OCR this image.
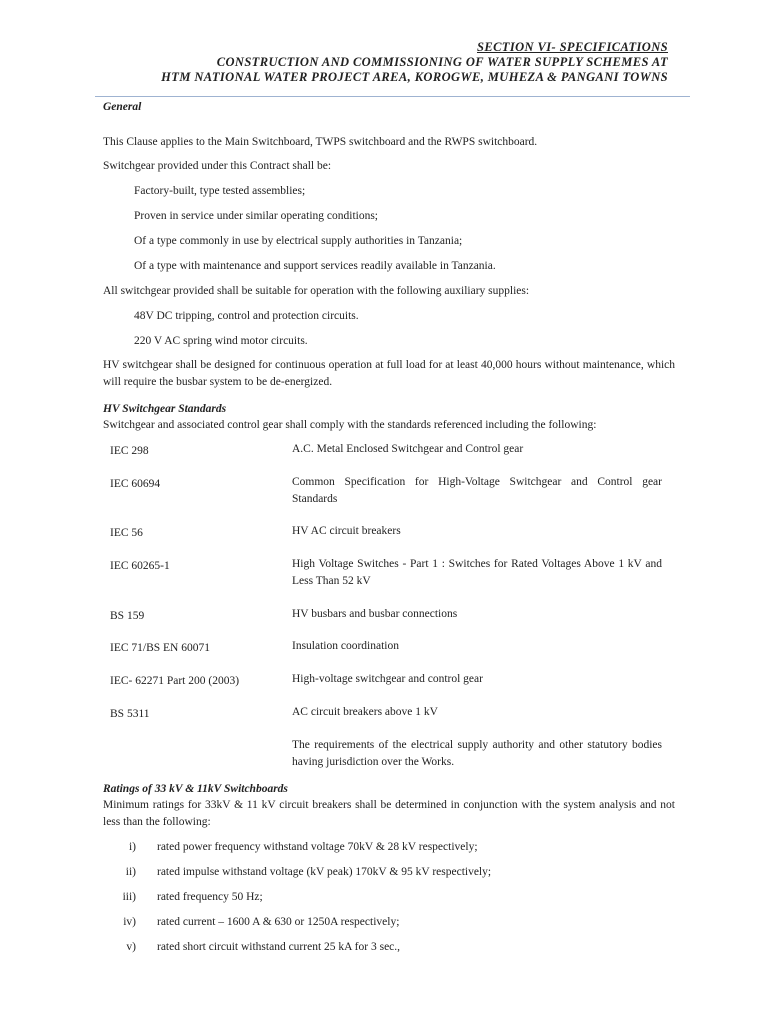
SECTION VI- SPECIFICATIONS
CONSTRUCTION AND COMMISSIONING OF WATER SUPPLY SCHEMES AT
HTM NATIONAL WATER PROJECT AREA, KOROGWE, MUHEZA & PANGANI TOWNS
General
This Clause applies to the Main Switchboard, TWPS switchboard and the RWPS switchboard.
Switchgear provided under this Contract shall be:
Factory-built, type tested assemblies;
Proven in service under similar operating conditions;
Of a type commonly in use by electrical supply authorities in Tanzania;
Of a type with maintenance and support services readily available in Tanzania.
All switchgear provided shall be suitable for operation with the following auxiliary supplies:
48V DC tripping, control and protection circuits.
220 V AC spring wind motor circuits.
HV switchgear shall be designed for continuous operation at full load for at least 40,000 hours without maintenance, which will require the busbar system to be de-energized.
HV Switchgear Standards
Switchgear and associated control gear shall comply with the standards referenced including the following:
IEC 298	A.C. Metal Enclosed Switchgear and Control gear
IEC 60694	Common Specification for High-Voltage Switchgear and Control gear Standards
IEC 56	HV AC circuit breakers
IEC 60265-1	High Voltage Switches - Part 1 : Switches for Rated Voltages Above 1 kV and Less Than 52 kV
BS 159	HV busbars and busbar connections
IEC 71/BS EN 60071	Insulation coordination
IEC- 62271 Part 200 (2003)	High-voltage switchgear and control gear
BS 5311	AC circuit breakers above 1 kV
The requirements of the electrical supply authority and other statutory bodies having jurisdiction over the Works.
Ratings of 33 kV & 11kV Switchboards
Minimum ratings for 33kV & 11 kV circuit breakers shall be determined in conjunction with the system analysis and not less than the following:
i) rated power frequency withstand voltage 70kV & 28 kV respectively;
ii) rated impulse withstand voltage (kV peak) 170kV & 95 kV respectively;
iii) rated frequency 50 Hz;
iv) rated current – 1600 A & 630 or 1250A respectively;
v) rated short circuit withstand current 25 kA for 3 sec.,
